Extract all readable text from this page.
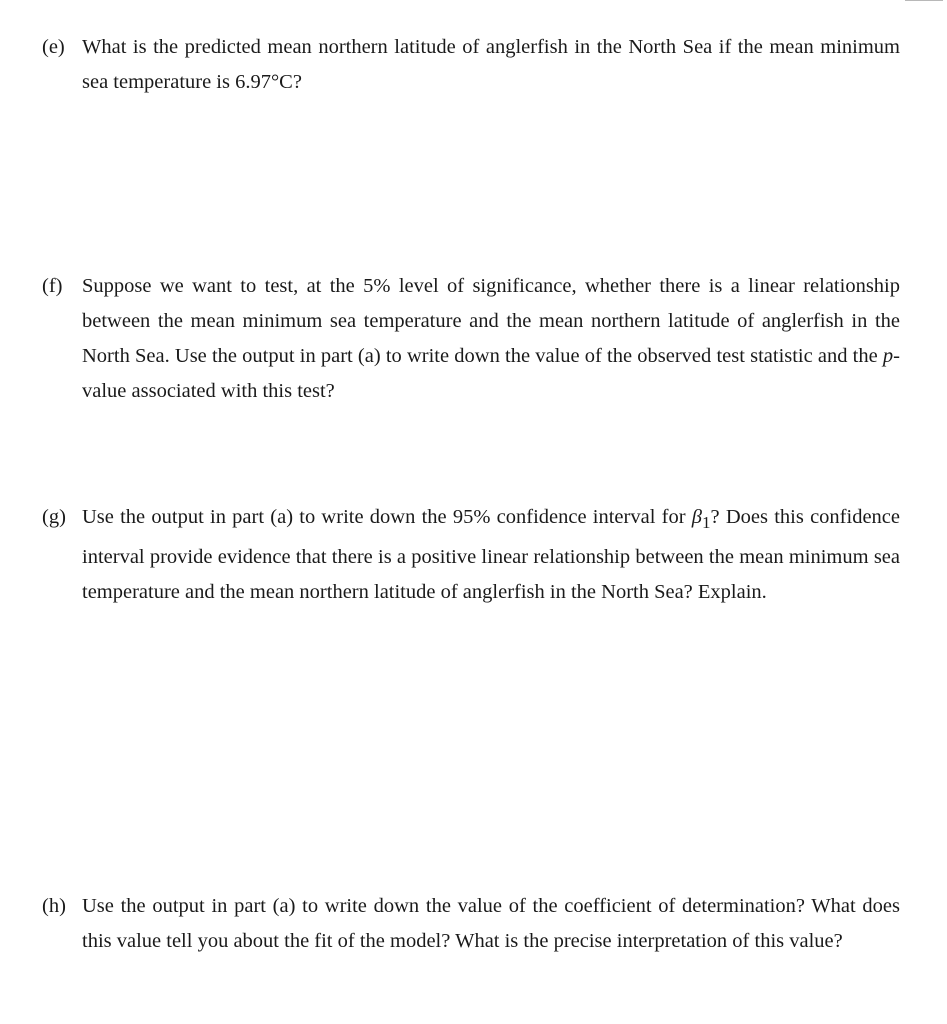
(e) What is the predicted mean northern latitude of anglerfish in the North Sea if the mean minimum sea temperature is 6.97°C?
(f) Suppose we want to test, at the 5% level of significance, whether there is a linear relationship between the mean minimum sea temperature and the mean northern latitude of anglerfish in the North Sea. Use the output in part (a) to write down the value of the observed test statistic and the p-value associated with this test?
(g) Use the output in part (a) to write down the 95% confidence interval for $\beta_1$? Does this confidence interval provide evidence that there is a positive linear relationship between the mean minimum sea temperature and the mean northern latitude of anglerfish in the North Sea? Explain.
(h) Use the output in part (a) to write down the value of the coefficient of determination? What does this value tell you about the fit of the model? What is the precise interpretation of this value?
